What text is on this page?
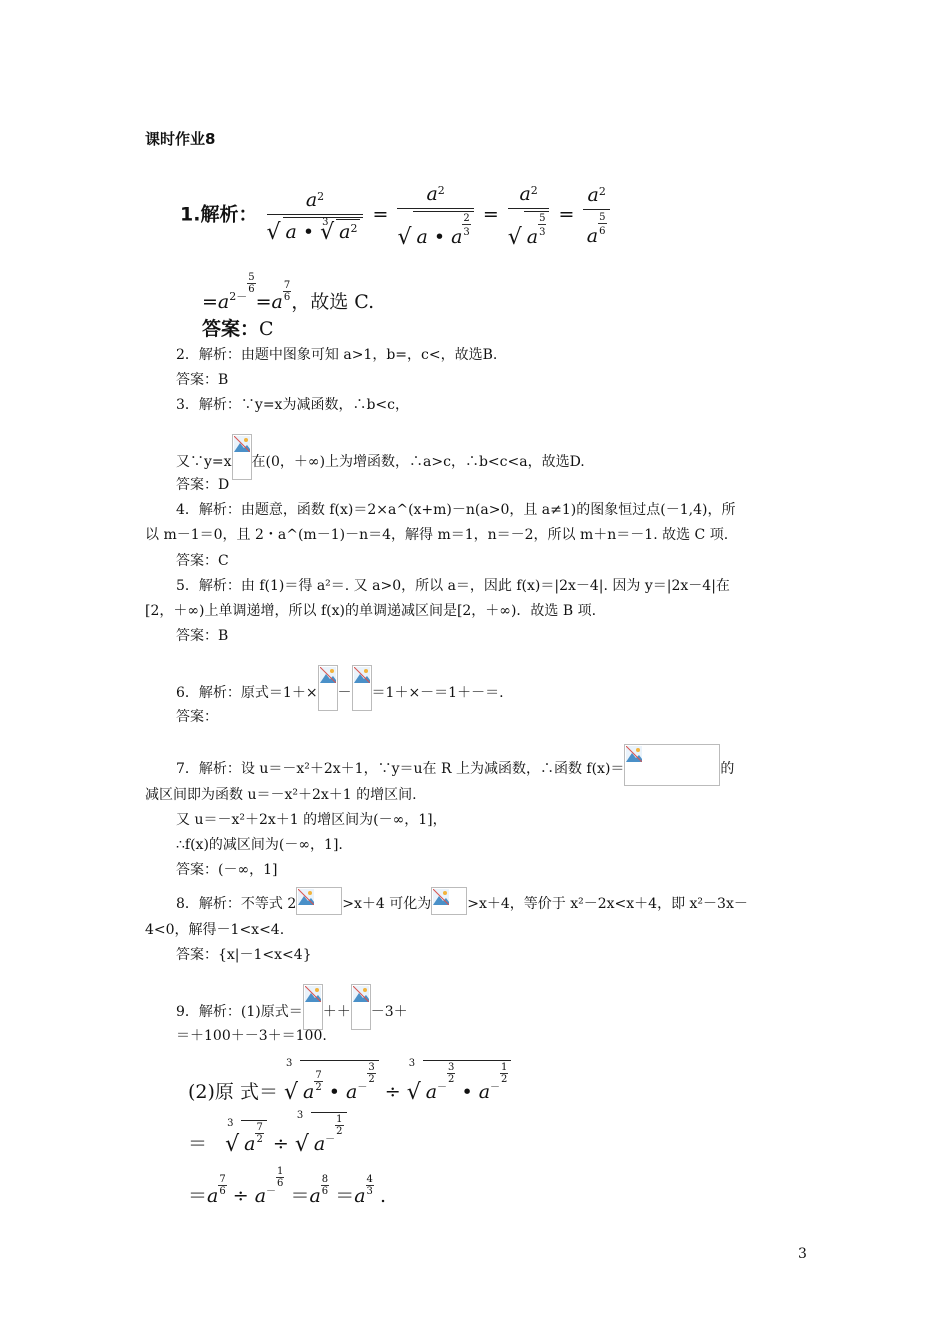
课时作业8
1.解析： $a^2$
√ a •
√ 3 $a^2 = a^2$
√ a • a $\frac{2}{3} = a^2$
√ a $\frac{5}{3} = \frac{a^2}{a \frac{5}{6}}$
$=a^{2- \frac{5}{6}}$
$=a \frac{7}{6}$ ，故选 C.
答案：C
2．解析：由题中图象可知 a>1，b=，c<，故选B.
答案：B
3．解析：∵y=x为减函数，∴b<c，
又∵y=x 在(0，＋∞)上为增函数，∴a>c，∴b<c<a，故选D.
答案：D
4．解析：由题意，函数 f(x)＝2×a^(x+m)－n(a>0，且 a≠1)的图象恒过点(－1,4)，所
以 m－1＝0，且 2・a^(m－1)－n＝4，解得 m＝1，n＝－2，所以 m＋n＝－1. 故选 C 项.
答案：C
5．解析：由 f(1)＝得 a²＝. 又 a>0，所以 a＝，因此 f(x)＝|2x－4|. 因为 y＝|2x－4|在
[2，＋∞)上单调递增，所以 f(x)的单调递减区间是[2，＋∞)．故选 B 项.
答案：B
6．解析：原式＝1＋× － ＝1＋×－＝1＋－＝.
答案：
7．解析：设 u＝－x²＋2x＋1，∵y＝u在 R 上为减函数，∴函数 f(x)＝	的
减区间即为函数 u＝－x²＋2x＋1 的增区间.
又 u＝－x²＋2x＋1 的增区间为(－∞，1]，
∴f(x)的减区间为(－∞，1].
答案：(－∞，1]
8．解析：不等式 2	>x＋4 可化为	>x＋4，等价于 x²－2x<x＋4，即 x²－3x－
4<0，解得－1<x<4.
答案：{x|－1<x<4}
9．解析：(1)原式＝ ＋＋ －3＋
＝＋100＋－3＋＝100.
(2)原 式＝
√ 3
a $\frac{7}{2}$ • $a^{- \frac{3}{2}}$
÷
√ 3
$a^{- \frac{3}{2}}$
• $a^{- \frac{1}{2}}$
＝
√ 3
a $\frac{7}{2}$ ÷
√ 3
$a^{- \frac{1}{2}}$
$=a \frac{7}{6} \div a^{- \frac{1}{6}}$
$=a \frac{8}{6} =a \frac{4}{3}$ .
3
